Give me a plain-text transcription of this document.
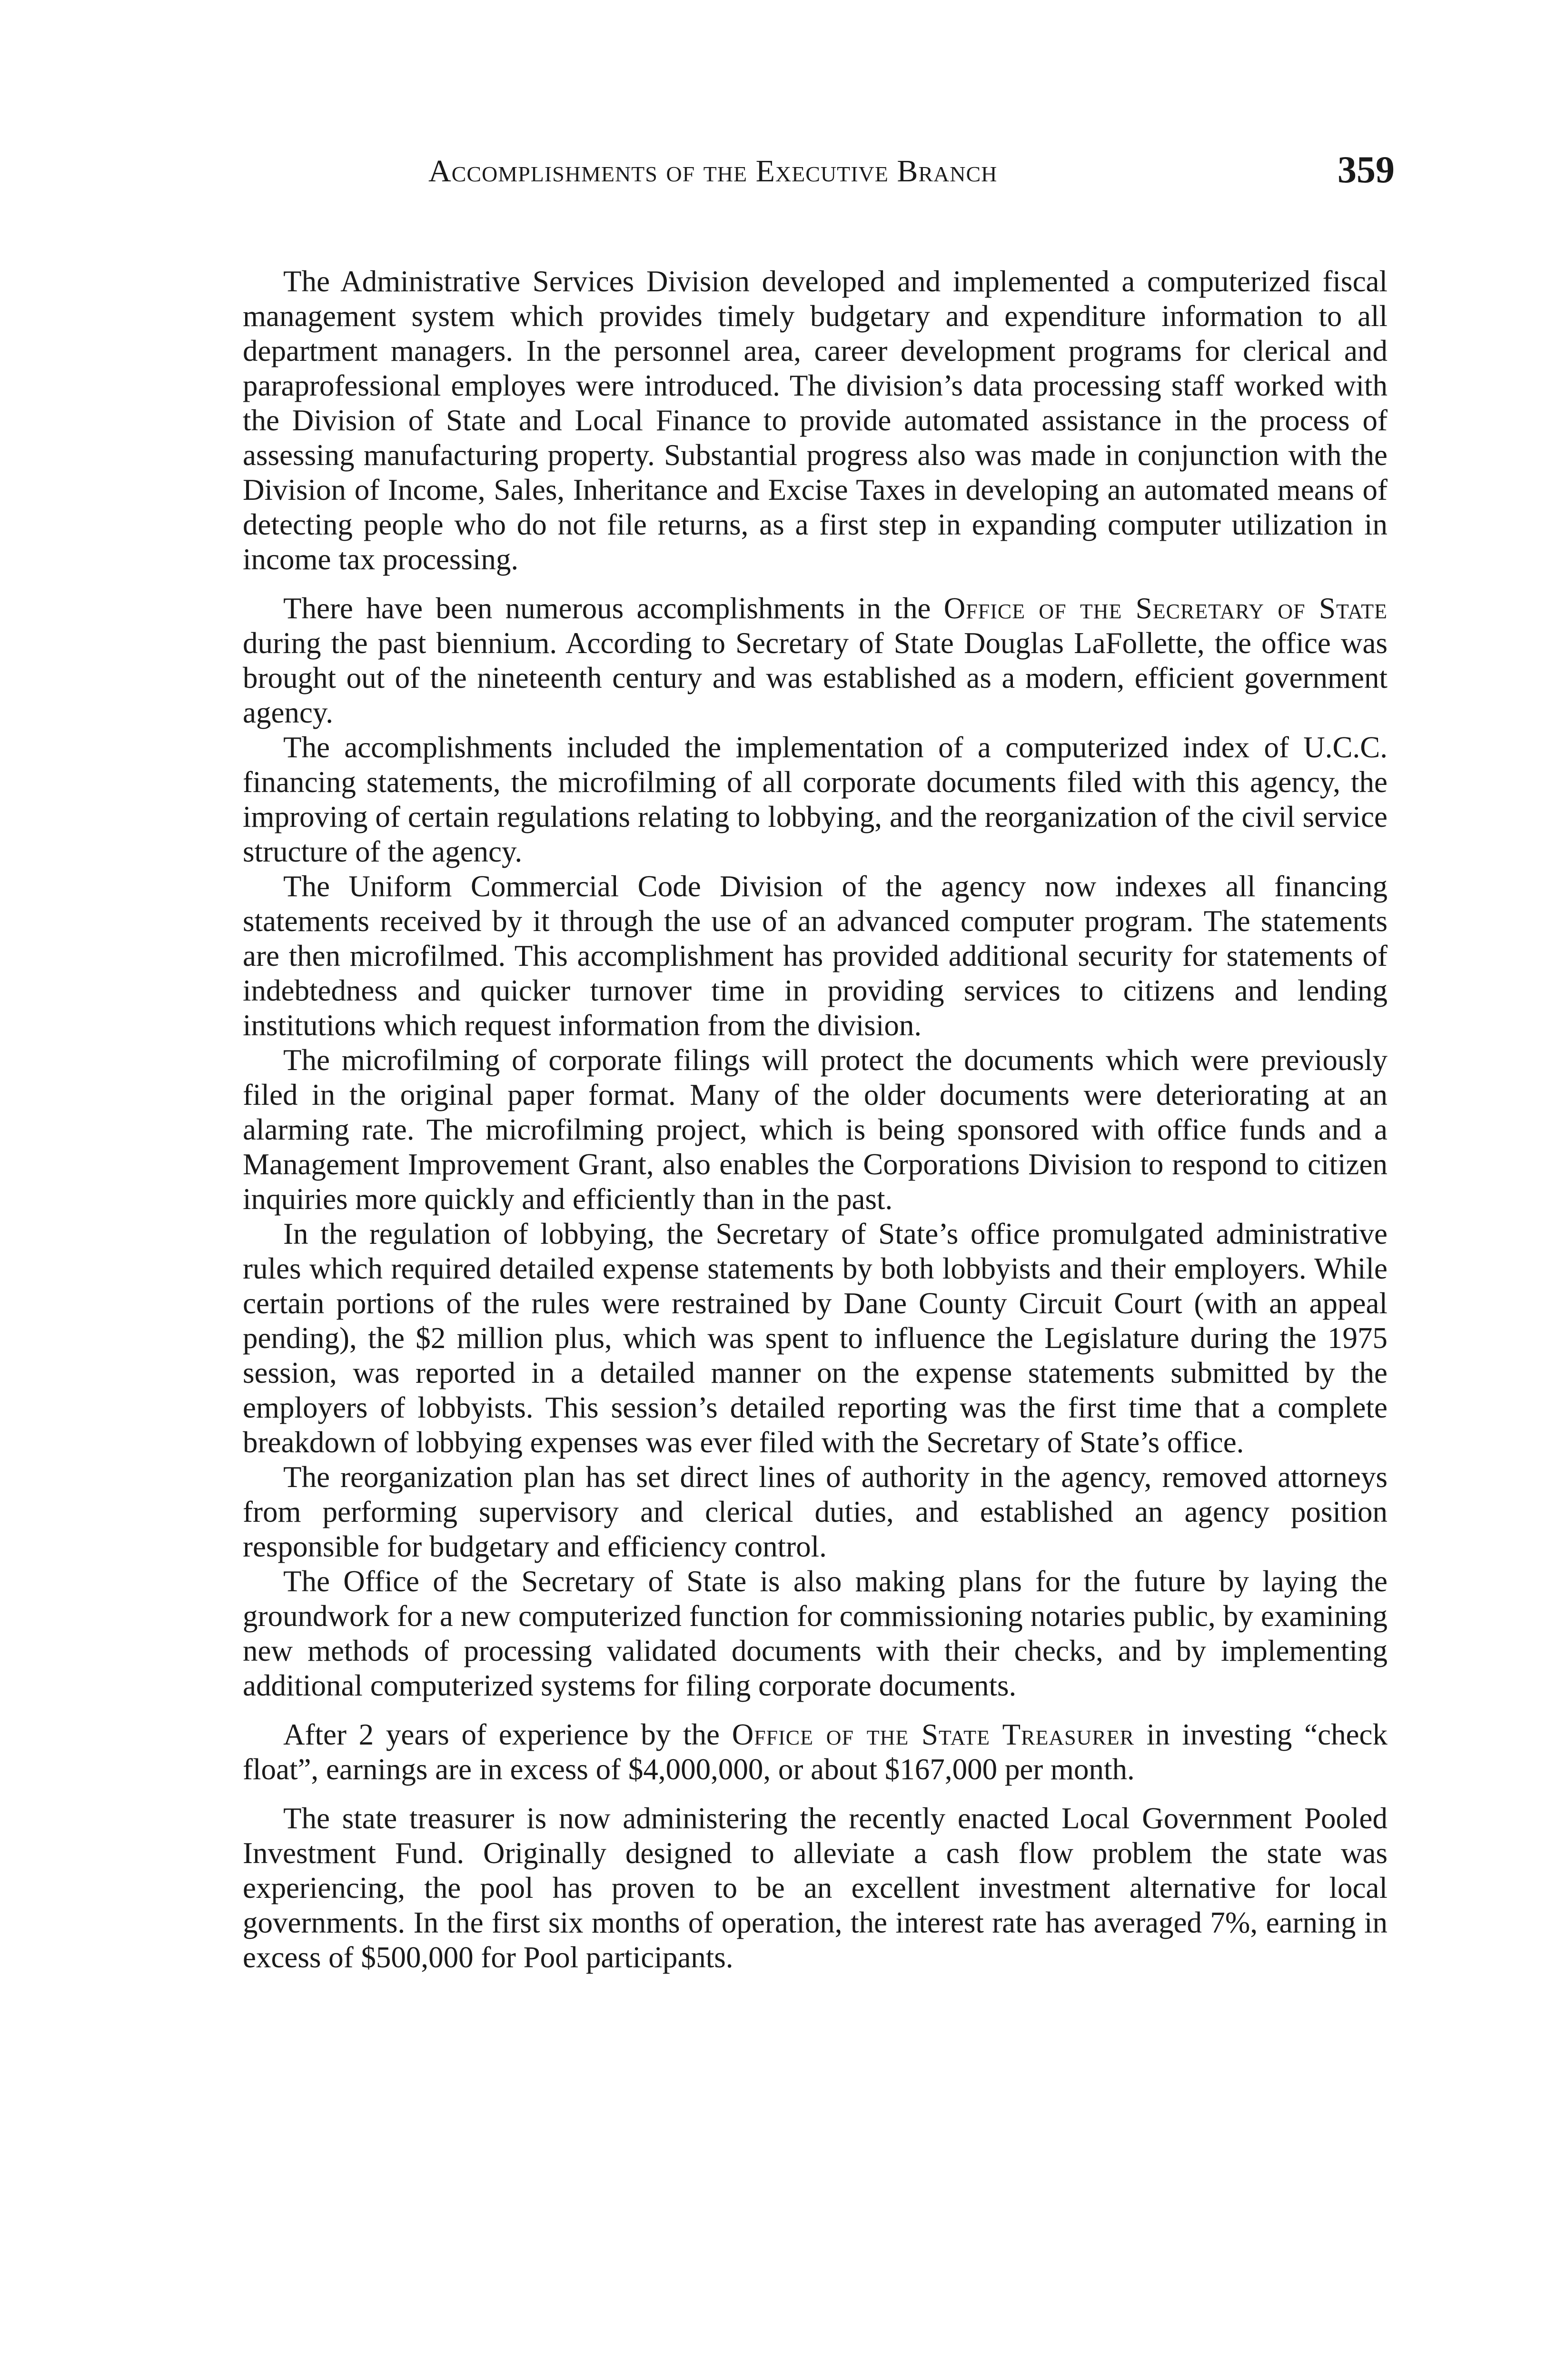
Accomplishments of the Executive Branch	359

The Administrative Services Division developed and implemented a computerized fiscal management system which provides timely budgetary and expenditure information to all department managers. In the personnel area, career development programs for clerical and paraprofessional employes were introduced. The division’s data processing staff worked with the Division of State and Local Finance to provide automated assistance in the process of assessing manufacturing property. Substantial progress also was made in conjunction with the Division of Income, Sales, Inheritance and Excise Taxes in developing an automated means of detecting people who do not file returns, as a first step in expanding computer utilization in income tax processing.

There have been numerous accomplishments in the Office of the Secretary of State during the past biennium. According to Secretary of State Douglas LaFollette, the office was brought out of the nineteenth century and was established as a modern, efficient government agency.

The accomplishments included the implementation of a computerized index of U.C.C. financing statements, the microfilming of all corporate documents filed with this agency, the improving of certain regulations relating to lobbying, and the reorganization of the civil service structure of the agency.

The Uniform Commercial Code Division of the agency now indexes all financing statements received by it through the use of an advanced computer program. The statements are then microfilmed. This accomplishment has provided additional security for statements of indebtedness and quicker turnover time in providing services to citizens and lending institutions which request information from the division.

The microfilming of corporate filings will protect the documents which were previously filed in the original paper format. Many of the older documents were deteriorating at an alarming rate. The microfilming project, which is being sponsored with office funds and a Management Improvement Grant, also enables the Corporations Division to respond to citizen inquiries more quickly and efficiently than in the past.

In the regulation of lobbying, the Secretary of State’s office promulgated administrative rules which required detailed expense statements by both lobbyists and their employers. While certain portions of the rules were restrained by Dane County Circuit Court (with an appeal pending), the $2 million plus, which was spent to influence the Legislature during the 1975 session, was reported in a detailed manner on the expense statements submitted by the employers of lobbyists. This session’s detailed reporting was the first time that a complete breakdown of lobbying expenses was ever filed with the Secretary of State’s office.

The reorganization plan has set direct lines of authority in the agency, removed attorneys from performing supervisory and clerical duties, and established an agency position responsible for budgetary and efficiency control.

The Office of the Secretary of State is also making plans for the future by laying the groundwork for a new computerized function for commissioning notaries public, by examining new methods of processing validated documents with their checks, and by implementing additional computerized systems for filing corporate documents.

After 2 years of experience by the Office of the State Treasurer in investing “check float”, earnings are in excess of $4,000,000, or about $167,000 per month.

The state treasurer is now administering the recently enacted Local Government Pooled Investment Fund. Originally designed to alleviate a cash flow problem the state was experiencing, the pool has proven to be an excellent investment alternative for local governments. In the first six months of operation, the interest rate has averaged 7%, earning in excess of $500,000 for Pool participants.
